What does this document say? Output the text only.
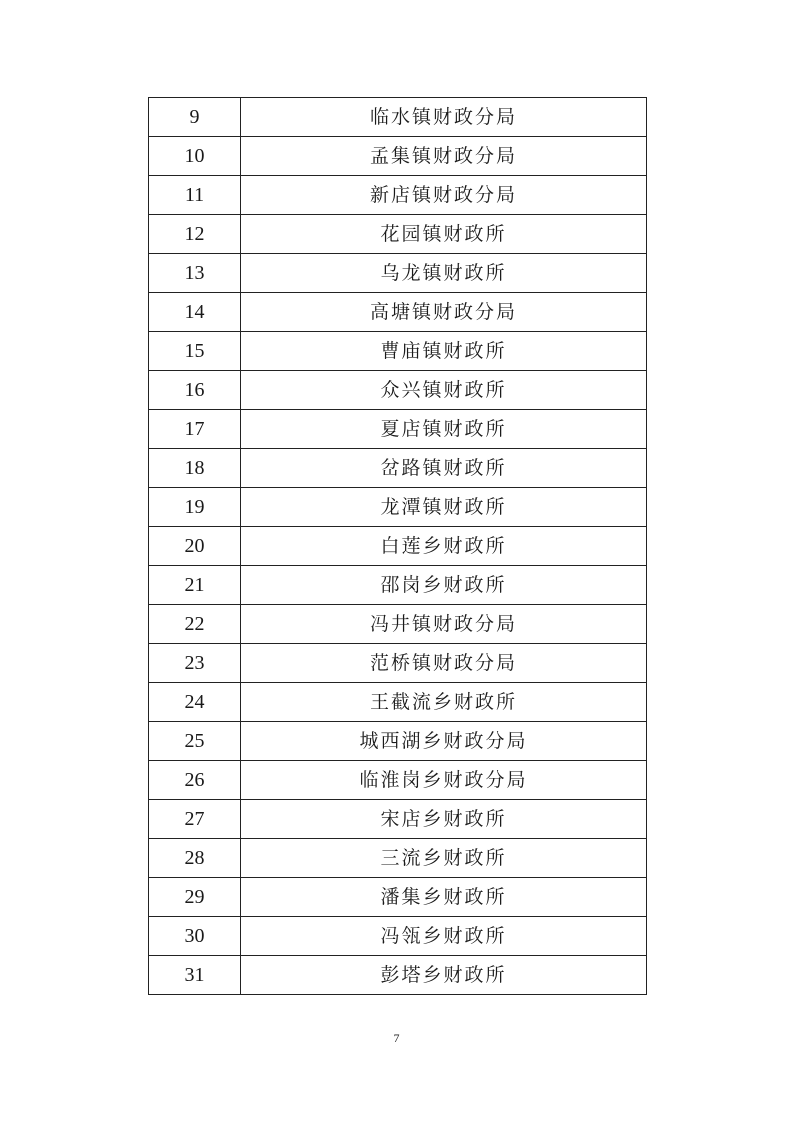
9	临水镇财政分局
10	孟集镇财政分局
11	新店镇财政分局
12	花园镇财政所
13	乌龙镇财政所
14	高塘镇财政分局
15	曹庙镇财政所
16	众兴镇财政所
17	夏店镇财政所
18	岔路镇财政所
19	龙潭镇财政所
20	白莲乡财政所
21	邵岗乡财政所
22	冯井镇财政分局
23	范桥镇财政分局
24	王截流乡财政所
25	城西湖乡财政分局
26	临淮岗乡财政分局
27	宋店乡财政所
28	三流乡财政所
29	潘集乡财政所
30	冯瓴乡财政所
31	彭塔乡财政所
7
